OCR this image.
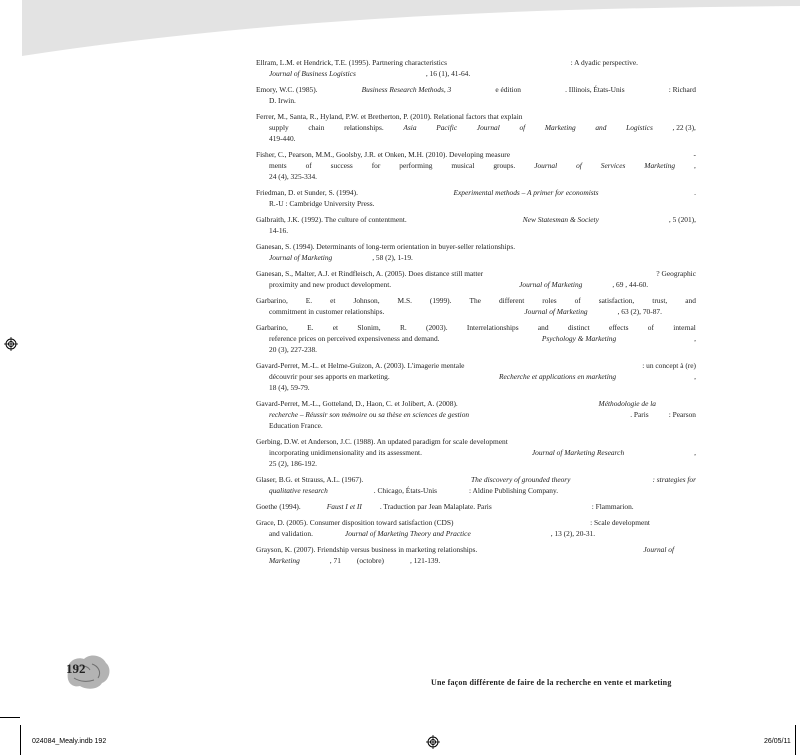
Ellram, L.M. et Hendrick, T.E. (1995). Partnering characteristics	: A dyadic perspective.
Journal of Business Logistics	, 16 (1), 41-64.
Emory, W.C. (1985).	Business Research Methods, 3	e édition	. Illinois, États-Unis	: Richard
D. Irwin.
Ferrer, M., Santa, R., Hyland, P.W. et Bretherton, P. (2010). Relational factors that explain
supply	chain	relationships.	Asia	Pacific	Journal	of	Marketing	and	Logistics	, 22 (3),
419-440.
Fisher, C., Pearson, M.M., Goolsby, J.R. et Onken, M.H. (2010). Developing measure	-
ments	of	success	for	performing	musical	groups.	Journal	of	Services	Marketing	,
24 (4), 325-334.
Friedman, D. et Sunder, S. (1994).	Experimental methods – A primer for economists	.
R.-U : Cambridge University Press.
Galbraith, J.K. (1992). The culture of contentment.	New Statesman & Society	, 5 (201),
14-16.
Ganesan, S. (1994). Determinants of long-term orientation in buyer-seller relationships.
Journal of Marketing	, 58 (2), 1-19.
Ganesan, S., Malter, A.J. et Rindfleisch, A. (2005). Does distance still matter	? Geographic
proximity and new product development.	Journal of Marketing	, 69 , 44-60.
Garbarino, E. et Johnson, M.S. (1999). The different roles of satisfaction, trust, and
commitment in customer relationships.	Journal of Marketing	, 63 (2), 70-87.
Garbarino,	E.	et	Slonim,	R.	(2003).	Interrelationships	and	distinct	effects	of	internal
reference prices on perceived expensiveness and demand.	Psychology & Marketing	,
20 (3), 227-238.
Gavard-Perret, M.-L. et Helme-Guizon, A. (2003). L'imagerie mentale	: un concept à (re)
découvrir pour ses apports en marketing.	Recherche et applications en marketing	,
18 (4), 59-79.
Gavard-Perret, M.-L., Gotteland, D., Haon, C. et Jolibert, A. (2008).	Méthodologie de la
recherche – Réussir son mémoire ou sa thèse en sciences de gestion	. Paris	: Pearson
Education France.
Gerbing, D.W. et Anderson, J.C. (1988). An updated paradigm for scale development
incorporating unidimensionality and its assessment.	Journal of Marketing Research	,
25 (2), 186-192.
Glaser, B.G. et Strauss, A.L. (1967).	The discovery of grounded theory	: strategies for
qualitative research	. Chicago, États-Unis	: Aldine Publishing Company.
Goethe (1994).	Faust I et II . Traduction par Jean Malaplate. Paris	: Flammarion.
Grace, D. (2005). Consumer disposition toward satisfaction (CDS)	: Scale development
and validation.	Journal of Marketing Theory and Practice	, 13 (2), 20-31.
Grayson, K. (2007). Friendship versus business in marketing relationships.	Journal of
Marketing	, 71 (octobre)	, 121-139.
192
Une façon différente de faire de la recherche en vente et marketing
024084_Mealy.indb 192	26/05/11
